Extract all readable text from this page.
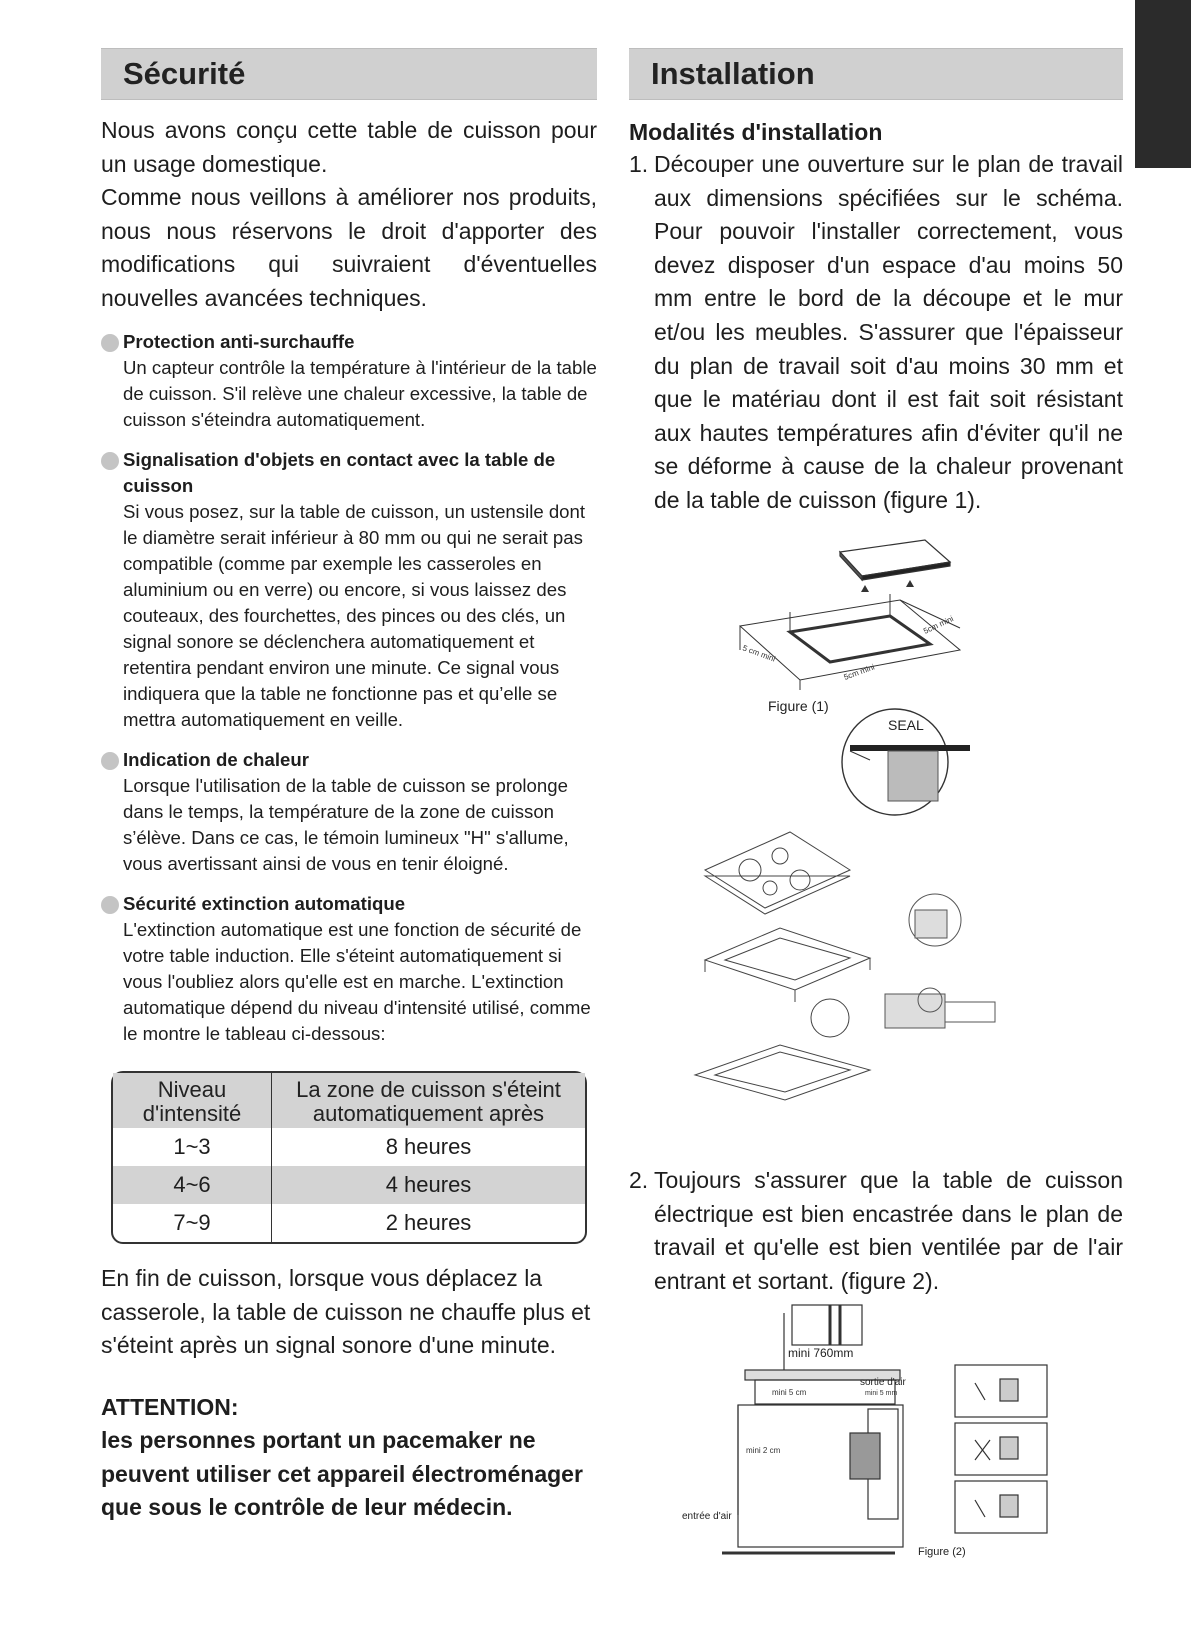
Sécurité

Nous avons conçu cette table de cuisson pour un usage domestique.

Comme nous veillons à améliorer nos produits, nous nous réservons le droit d'apporter des modifications qui suivraient d'éventuelles nouvelles avancées techniques.

Protection anti-surchauffe

Un capteur contrôle la température à l'intérieur de la table de cuisson. S'il relève une chaleur excessive, la table de cuisson s'éteindra automatiquement.

Signalisation d'objets en contact avec la table de cuisson

Si vous posez, sur la table de cuisson, un ustensile dont le diamètre serait inférieur à 80 mm ou qui ne serait pas compatible (comme par exemple les casseroles en aluminium ou en verre) ou encore, si vous laissez des couteaux, des fourchettes, des pinces ou des clés, un signal sonore se déclenchera automatiquement et retentira pendant environ une minute. Ce signal vous indiquera que la table ne fonctionne pas et qu’elle se mettra automatiquement en veille.

Indication de chaleur

Lorsque l'utilisation de la table de cuisson se prolonge dans le temps, la température de la zone de cuisson s’élève. Dans ce cas, le témoin lumineux "H" s'allume, vous avertissant ainsi de vous en tenir éloigné.

Sécurité extinction automatique

L'extinction automatique est une fonction de sécurité de votre table induction. Elle s'éteint automatiquement si vous l'oubliez alors qu'elle est en marche. L'extinction automatique dépend du niveau d'intensité utilisé, comme le montre le tableau ci-dessous:

Niveau
d'intensité	La zone de cuisson s'éteint
automatiquement après
1~3	8 heures
4~6	4 heures
7~9	2 heures

En fin de cuisson, lorsque vous déplacez la casserole, la table de cuisson ne chauffe plus et s'éteint après un signal sonore d'une minute.

ATTENTION:

les personnes portant un pacemaker ne peuvent utiliser cet appareil électroménager que sous le contrôle de leur médecin.

Installation
Modalités d'installation
1. Découper une ouverture sur le plan de travail aux dimensions spécifiées sur le schéma. Pour pouvoir l'installer correctement, vous devez disposer d'un espace d'au moins 50 mm entre le bord de la découpe et le mur et/ou les meubles. S'assurer que l'épaisseur du plan de travail soit d'au moins 30 mm et que le matériau dont il est fait soit résistant aux hautes températures afin d'éviter qu'il ne se déforme à cause de la chaleur provenant de la table de cuisson (figure 1).
5 cm mini
5cm mini
5cm mini
Figure (1)
SEAL
2. Toujours s'assurer que la table de cuisson électrique est bien encastrée dans le plan de travail et qu'elle est bien ventilée par de l'air entrant et sortant. (figure 2).
mini 760mm
mini 5 cm
sortie d'air
mini 5 mm
mini 2 cm
entrée d'air
Figure (2)
